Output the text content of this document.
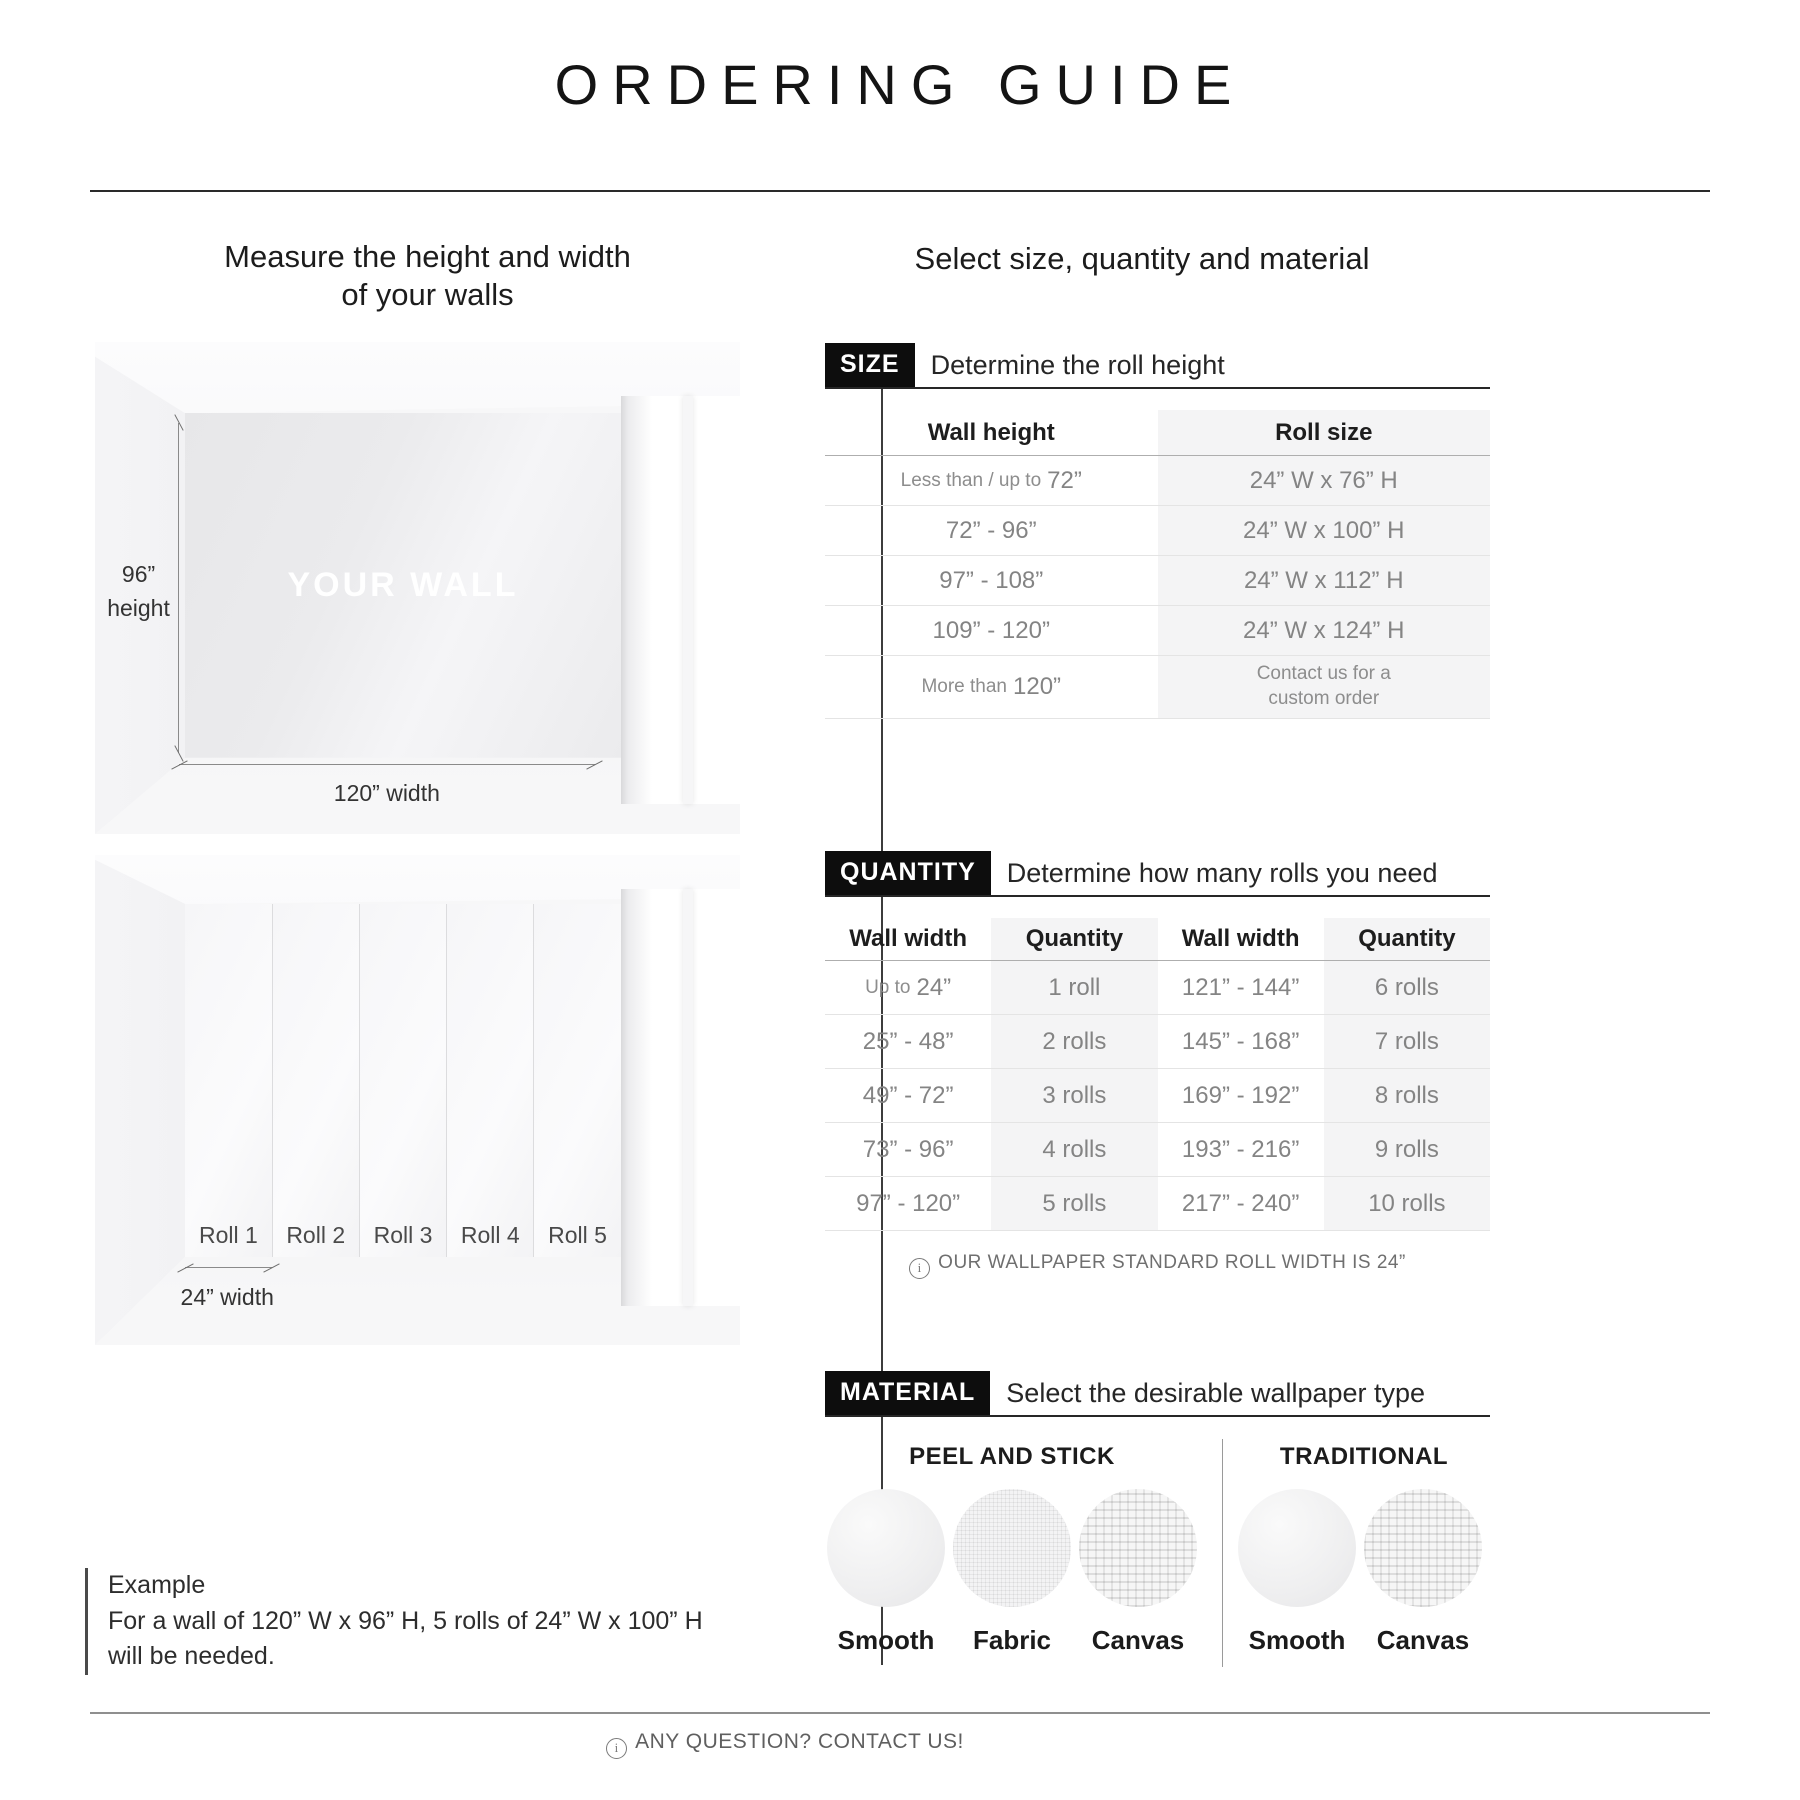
ORDERING GUIDE
Measure the height and width
of your walls
Select size, quantity and material
YOUR WALL
96”
height
120” width
Roll 1	Roll 2	Roll 3	Roll 4	Roll 5
24” width
Example
For a wall of 120” W x 96” H, 5 rolls of 24” W x 100” H
will be needed.
SIZE	Determine the roll height
Wall height	Roll size
Less than / up to 72”	24” W x 76” H
72” - 96”	24” W x 100” H
97” - 108”	24” W x 112” H
109” - 120”	24” W x 124” H
More than 120”	Contact us for a
custom order
QUANTITY	Determine how many rolls you need
Wall width	Quantity	Wall width	Quantity
Up to 24”	1 roll	121” - 144”	6 rolls
25” - 48”	2 rolls	145” - 168”	7 rolls
49” - 72”	3 rolls	169” - 192”	8 rolls
73” - 96”	4 rolls	193” - 216”	9 rolls
97” - 120”	5 rolls	217” - 240”	10 rolls
i OUR WALLPAPER STANDARD ROLL WIDTH IS 24”
MATERIAL	Select the desirable wallpaper type
PEEL AND STICK	TRADITIONAL
Smooth	Fabric	Canvas	Smooth	Canvas
i ANY QUESTION? CONTACT US!
